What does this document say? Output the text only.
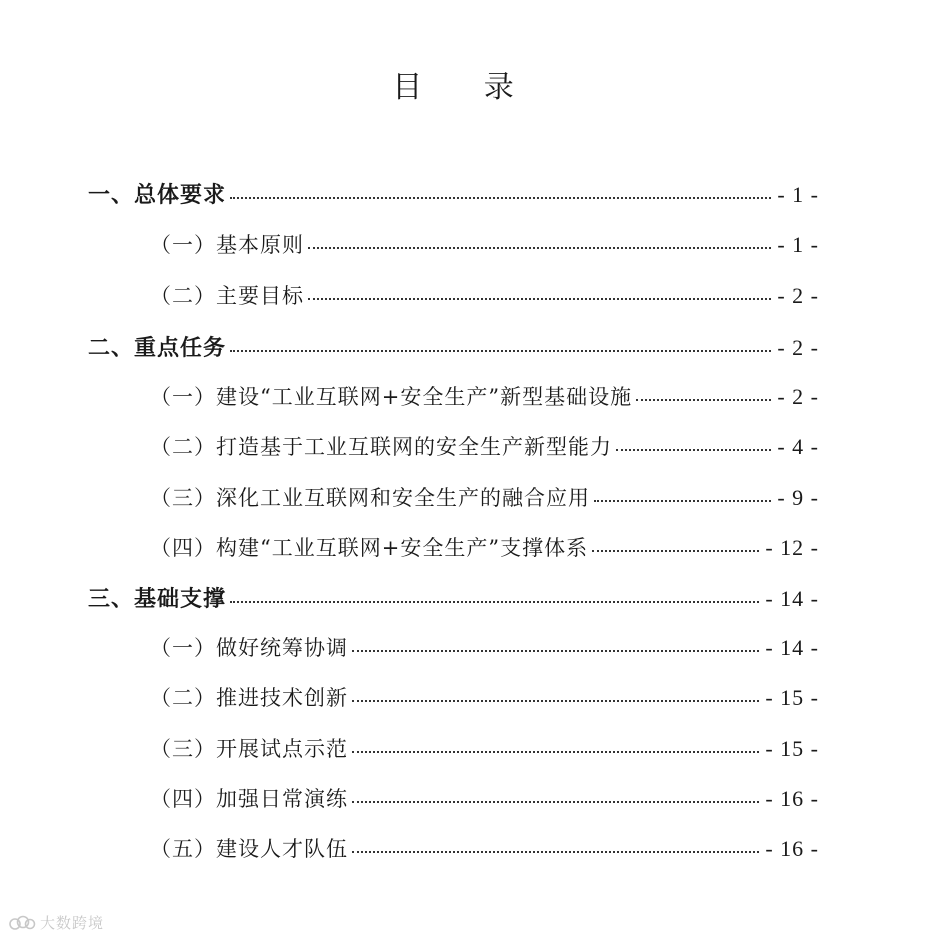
目 录
一、总体要求	- 1 -
（一）基本原则	- 1 -
（二）主要目标	- 2 -
二、重点任务	- 2 -
（一）建设“工业互联网+安全生产”新型基础设施	- 2 -
（二）打造基于工业互联网的安全生产新型能力	- 4 -
（三）深化工业互联网和安全生产的融合应用	- 9 -
（四）构建“工业互联网+安全生产”支撑体系	- 12 -
三、基础支撑	- 14 -
（一）做好统筹协调	- 14 -
（二）推进技术创新	- 15 -
（三）开展试点示范	- 15 -
（四）加强日常演练	- 16 -
（五）建设人才队伍	- 16 -
大数跨境
